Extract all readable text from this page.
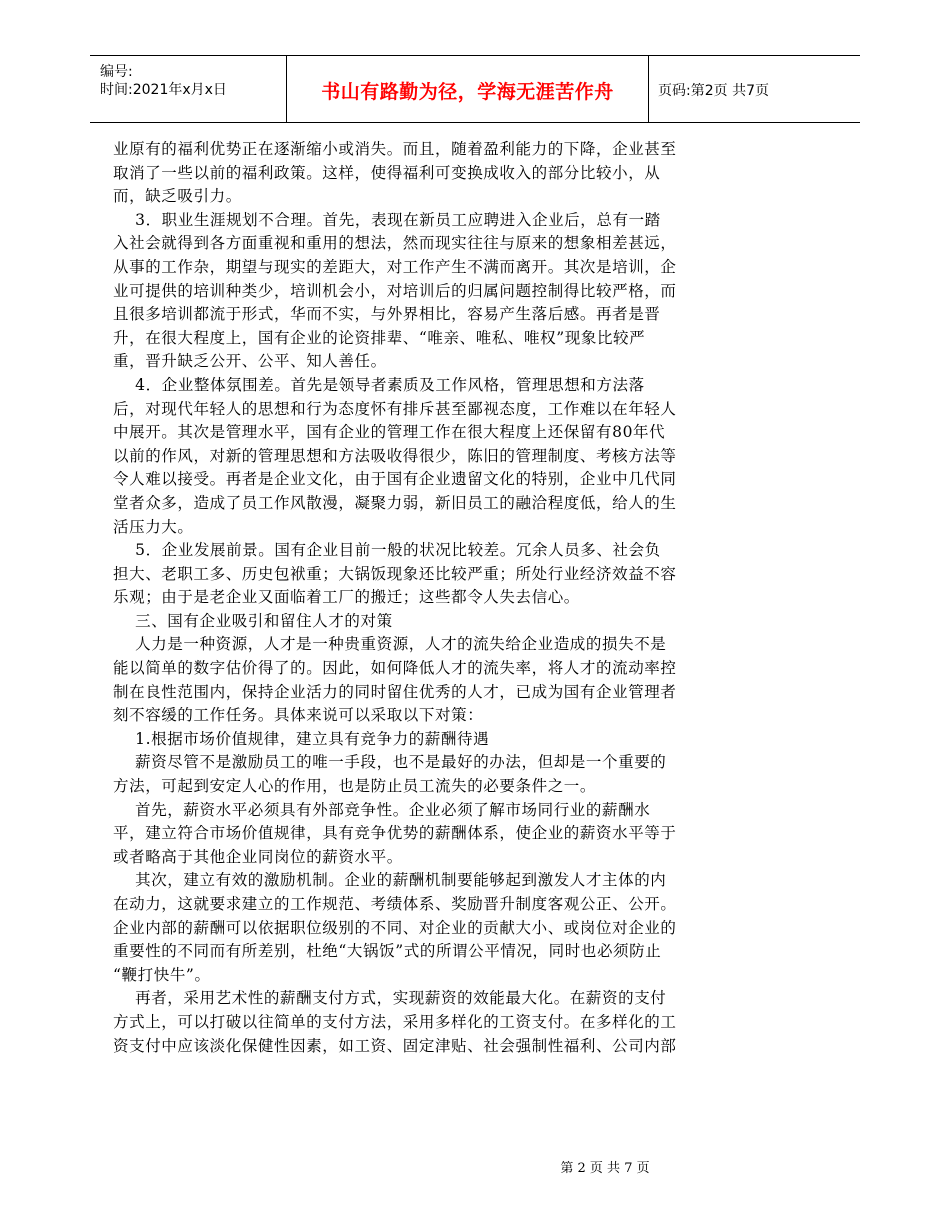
编号:
时间:2021年x月x日	书山有路勤为径，学海无涯苦作舟	页码:第2页 共7页
业原有的福利优势正在逐渐缩小或消失。而且，随着盈利能力的下降，企业甚至
取消了一些以前的福利政策。这样，使得福利可变换成收入的部分比较小，从
而，缺乏吸引力。
3．职业生涯规划不合理。首先，表现在新员工应聘进入企业后，总有一踏
入社会就得到各方面重视和重用的想法，然而现实往往与原来的想象相差甚远，
从事的工作杂，期望与现实的差距大，对工作产生不满而离开。其次是培训，企
业可提供的培训种类少，培训机会小，对培训后的归属问题控制得比较严格，而
且很多培训都流于形式，华而不实，与外界相比，容易产生落后感。再者是晋
升，在很大程度上，国有企业的论资排辈、“唯亲、唯私、唯权”现象比较严
重，晋升缺乏公开、公平、知人善任。
4．企业整体氛围差。首先是领导者素质及工作风格，管理思想和方法落
后，对现代年轻人的思想和行为态度怀有排斥甚至鄙视态度，工作难以在年轻人
中展开。其次是管理水平，国有企业的管理工作在很大程度上还保留有80年代
以前的作风，对新的管理思想和方法吸收得很少，陈旧的管理制度、考核方法等
令人难以接受。再者是企业文化，由于国有企业遗留文化的特别，企业中几代同
堂者众多，造成了员工作风散漫，凝聚力弱，新旧员工的融洽程度低，给人的生
活压力大。
5．企业发展前景。国有企业目前一般的状况比较差。冗余人员多、社会负
担大、老职工多、历史包袱重；大锅饭现象还比较严重；所处行业经济效益不容
乐观；由于是老企业又面临着工厂的搬迁；这些都令人失去信心。
三、国有企业吸引和留住人才的对策
人力是一种资源，人才是一种贵重资源，人才的流失给企业造成的损失不是
能以简单的数字估价得了的。因此，如何降低人才的流失率，将人才的流动率控
制在良性范围内，保持企业活力的同时留住优秀的人才，已成为国有企业管理者
刻不容缓的工作任务。具体来说可以采取以下对策：
1.根据市场价值规律，建立具有竞争力的薪酬待遇
薪资尽管不是激励员工的唯一手段，也不是最好的办法，但却是一个重要的
方法，可起到安定人心的作用，也是防止员工流失的必要条件之一。
首先，薪资水平必须具有外部竞争性。企业必须了解市场同行业的薪酬水
平，建立符合市场价值规律，具有竞争优势的薪酬体系，使企业的薪资水平等于
或者略高于其他企业同岗位的薪资水平。
其次，建立有效的激励机制。企业的薪酬机制要能够起到激发人才主体的内
在动力，这就要求建立的工作规范、考绩体系、奖励晋升制度客观公正、公开。
企业内部的薪酬可以依据职位级别的不同、对企业的贡献大小、或岗位对企业的
重要性的不同而有所差别，杜绝“大锅饭”式的所谓公平情况，同时也必须防止
“鞭打快牛”。
再者，采用艺术性的薪酬支付方式，实现薪资的效能最大化。在薪资的支付
方式上，可以打破以往简单的支付方法，采用多样化的工资支付。在多样化的工
资支付中应该淡化保健性因素，如工资、固定津贴、社会强制性福利、公司内部
第 2 页 共 7 页
